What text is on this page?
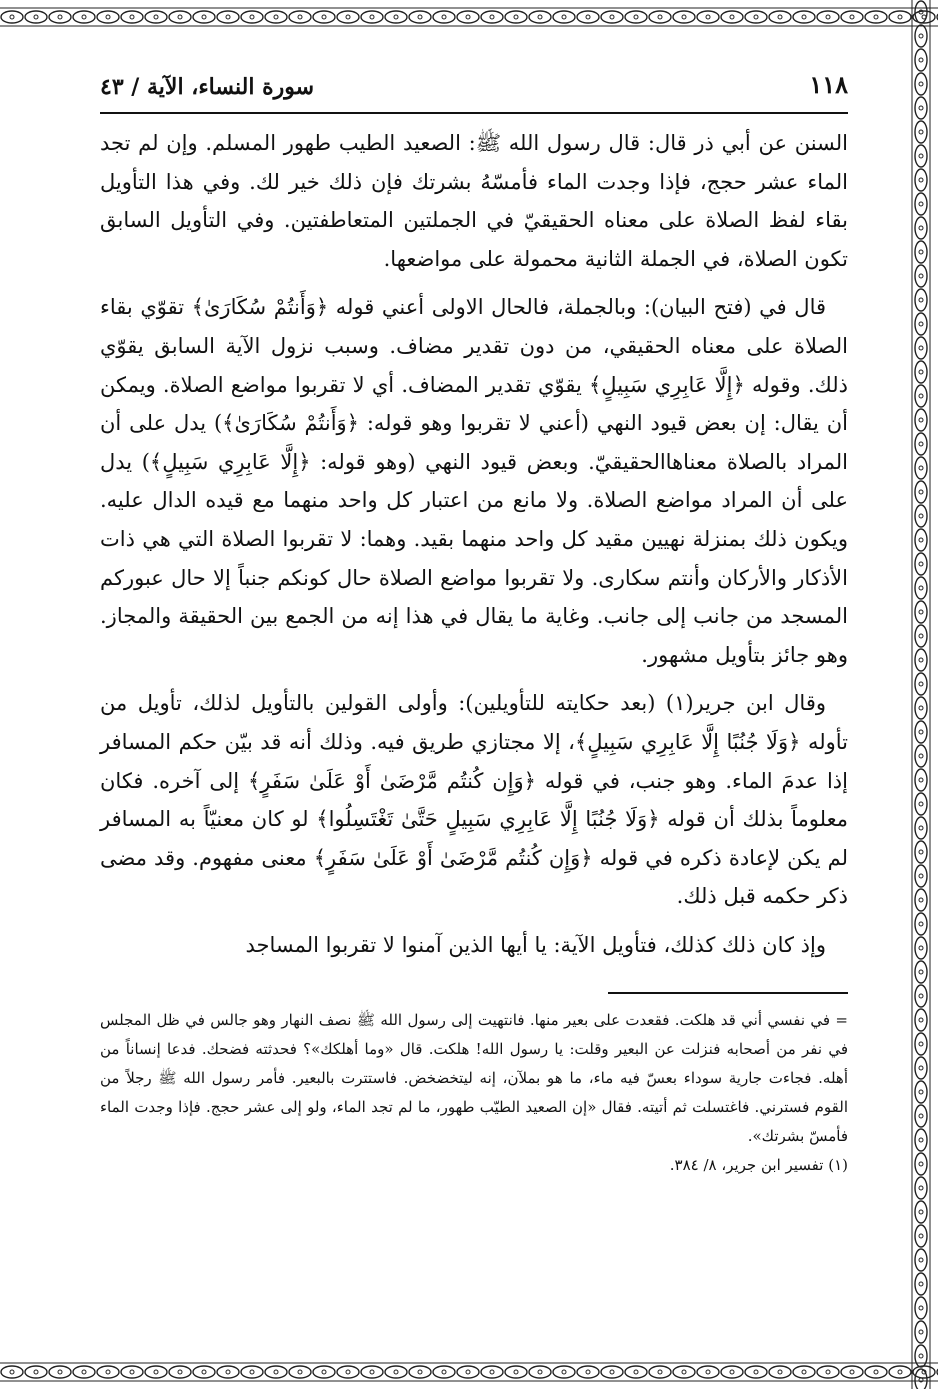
١١٨
سورة النساء، الآية / ٤٣

السنن عن أبي ذر قال: قال رسول الله ﷺ: الصعيد الطيب طهور المسلم. وإن لم تجد الماء عشر حجج، فإذا وجدت الماء فأمسّهُ بشرتك فإن ذلك خير لك. وفي هذا التأويل بقاء لفظ الصلاة على معناه الحقيقيّ في الجملتين المتعاطفتين. وفي التأويل السابق تكون الصلاة، في الجملة الثانية محمولة على مواضعها.

قال في (فتح البيان): وبالجملة، فالحال الاولى أعني قوله ﴿وَأَنتُمْ سُكَارَىٰ﴾ تقوّي بقاء الصلاة على معناه الحقيقي، من دون تقدير مضاف. وسبب نزول الآية السابق يقوّي ذلك. وقوله ﴿إِلَّا عَابِرِي سَبِيلٍ﴾ يقوّي تقدير المضاف. أي لا تقربوا مواضع الصلاة. ويمكن أن يقال: إن بعض قيود النهي (أعني لا تقربوا وهو قوله: ﴿وَأَنتُمْ سُكَارَىٰ﴾) يدل على أن المراد بالصلاة معناهاالحقيقيّ. وبعض قيود النهي (وهو قوله: ﴿إِلَّا عَابِرِي سَبِيلٍ﴾) يدل على أن المراد مواضع الصلاة. ولا مانع من اعتبار كل واحد منهما مع قيده الدال عليه. ويكون ذلك بمنزلة نهيين مقيد كل واحد منهما بقيد. وهما: لا تقربوا الصلاة التي هي ذات الأذكار والأركان وأنتم سكارى. ولا تقربوا مواضع الصلاة حال كونكم جنباً إلا حال عبوركم المسجد من جانب إلى جانب. وغاية ما يقال في هذا إنه من الجمع بين الحقيقة والمجاز. وهو جائز بتأويل مشهور.

وقال ابن جرير(١) (بعد حكايته للتأويلين): وأولى القولين بالتأويل لذلك، تأويل من تأوله ﴿وَلَا جُنُبًا إِلَّا عَابِرِي سَبِيلٍ﴾، إلا مجتازي طريق فيه. وذلك أنه قد بيّن حكم المسافر إذا عدمَ الماء. وهو جنب، في قوله ﴿وَإِن كُنتُم مَّرْضَىٰ أَوْ عَلَىٰ سَفَرٍ﴾ إلى آخره. فكان معلوماً بذلك أن قوله ﴿وَلَا جُنُبًا إِلَّا عَابِرِي سَبِيلٍ حَتَّىٰ تَغْتَسِلُوا﴾ لو كان معنيّاً به المسافر لم يكن لإعادة ذكره في قوله ﴿وَإِن كُنتُم مَّرْضَىٰ أَوْ عَلَىٰ سَفَرٍ﴾ معنى مفهوم. وقد مضى ذكر حكمه قبل ذلك.

وإذ كان ذلك كذلك، فتأويل الآية: يا أيها الذين آمنوا لا تقربوا المساجد

= في نفسي أني قد هلكت. فقعدت على بعير منها. فانتهيت إلى رسول الله ﷺ نصف النهار وهو جالس في ظل المجلس في نفر من أصحابه فنزلت عن البعير وقلت: يا رسول الله! هلكت. قال «وما أهلكك»؟ فحدثته فضحك. فدعا إنساناً من أهله. فجاءت جارية سوداء بعسّ فيه ماء، ما هو بملآن، إنه ليتخضخض. فاستترت بالبعير. فأمر رسول الله ﷺ رجلاً من القوم فسترني. فاغتسلت ثم أتيته. فقال «إن الصعيد الطيّب طهور، ما لم تجد الماء، ولو إلى عشر حجج. فإذا وجدت الماء فأمسّ بشرتك».

(١) تفسير ابن جرير، ٨/ ٣٨٤.
